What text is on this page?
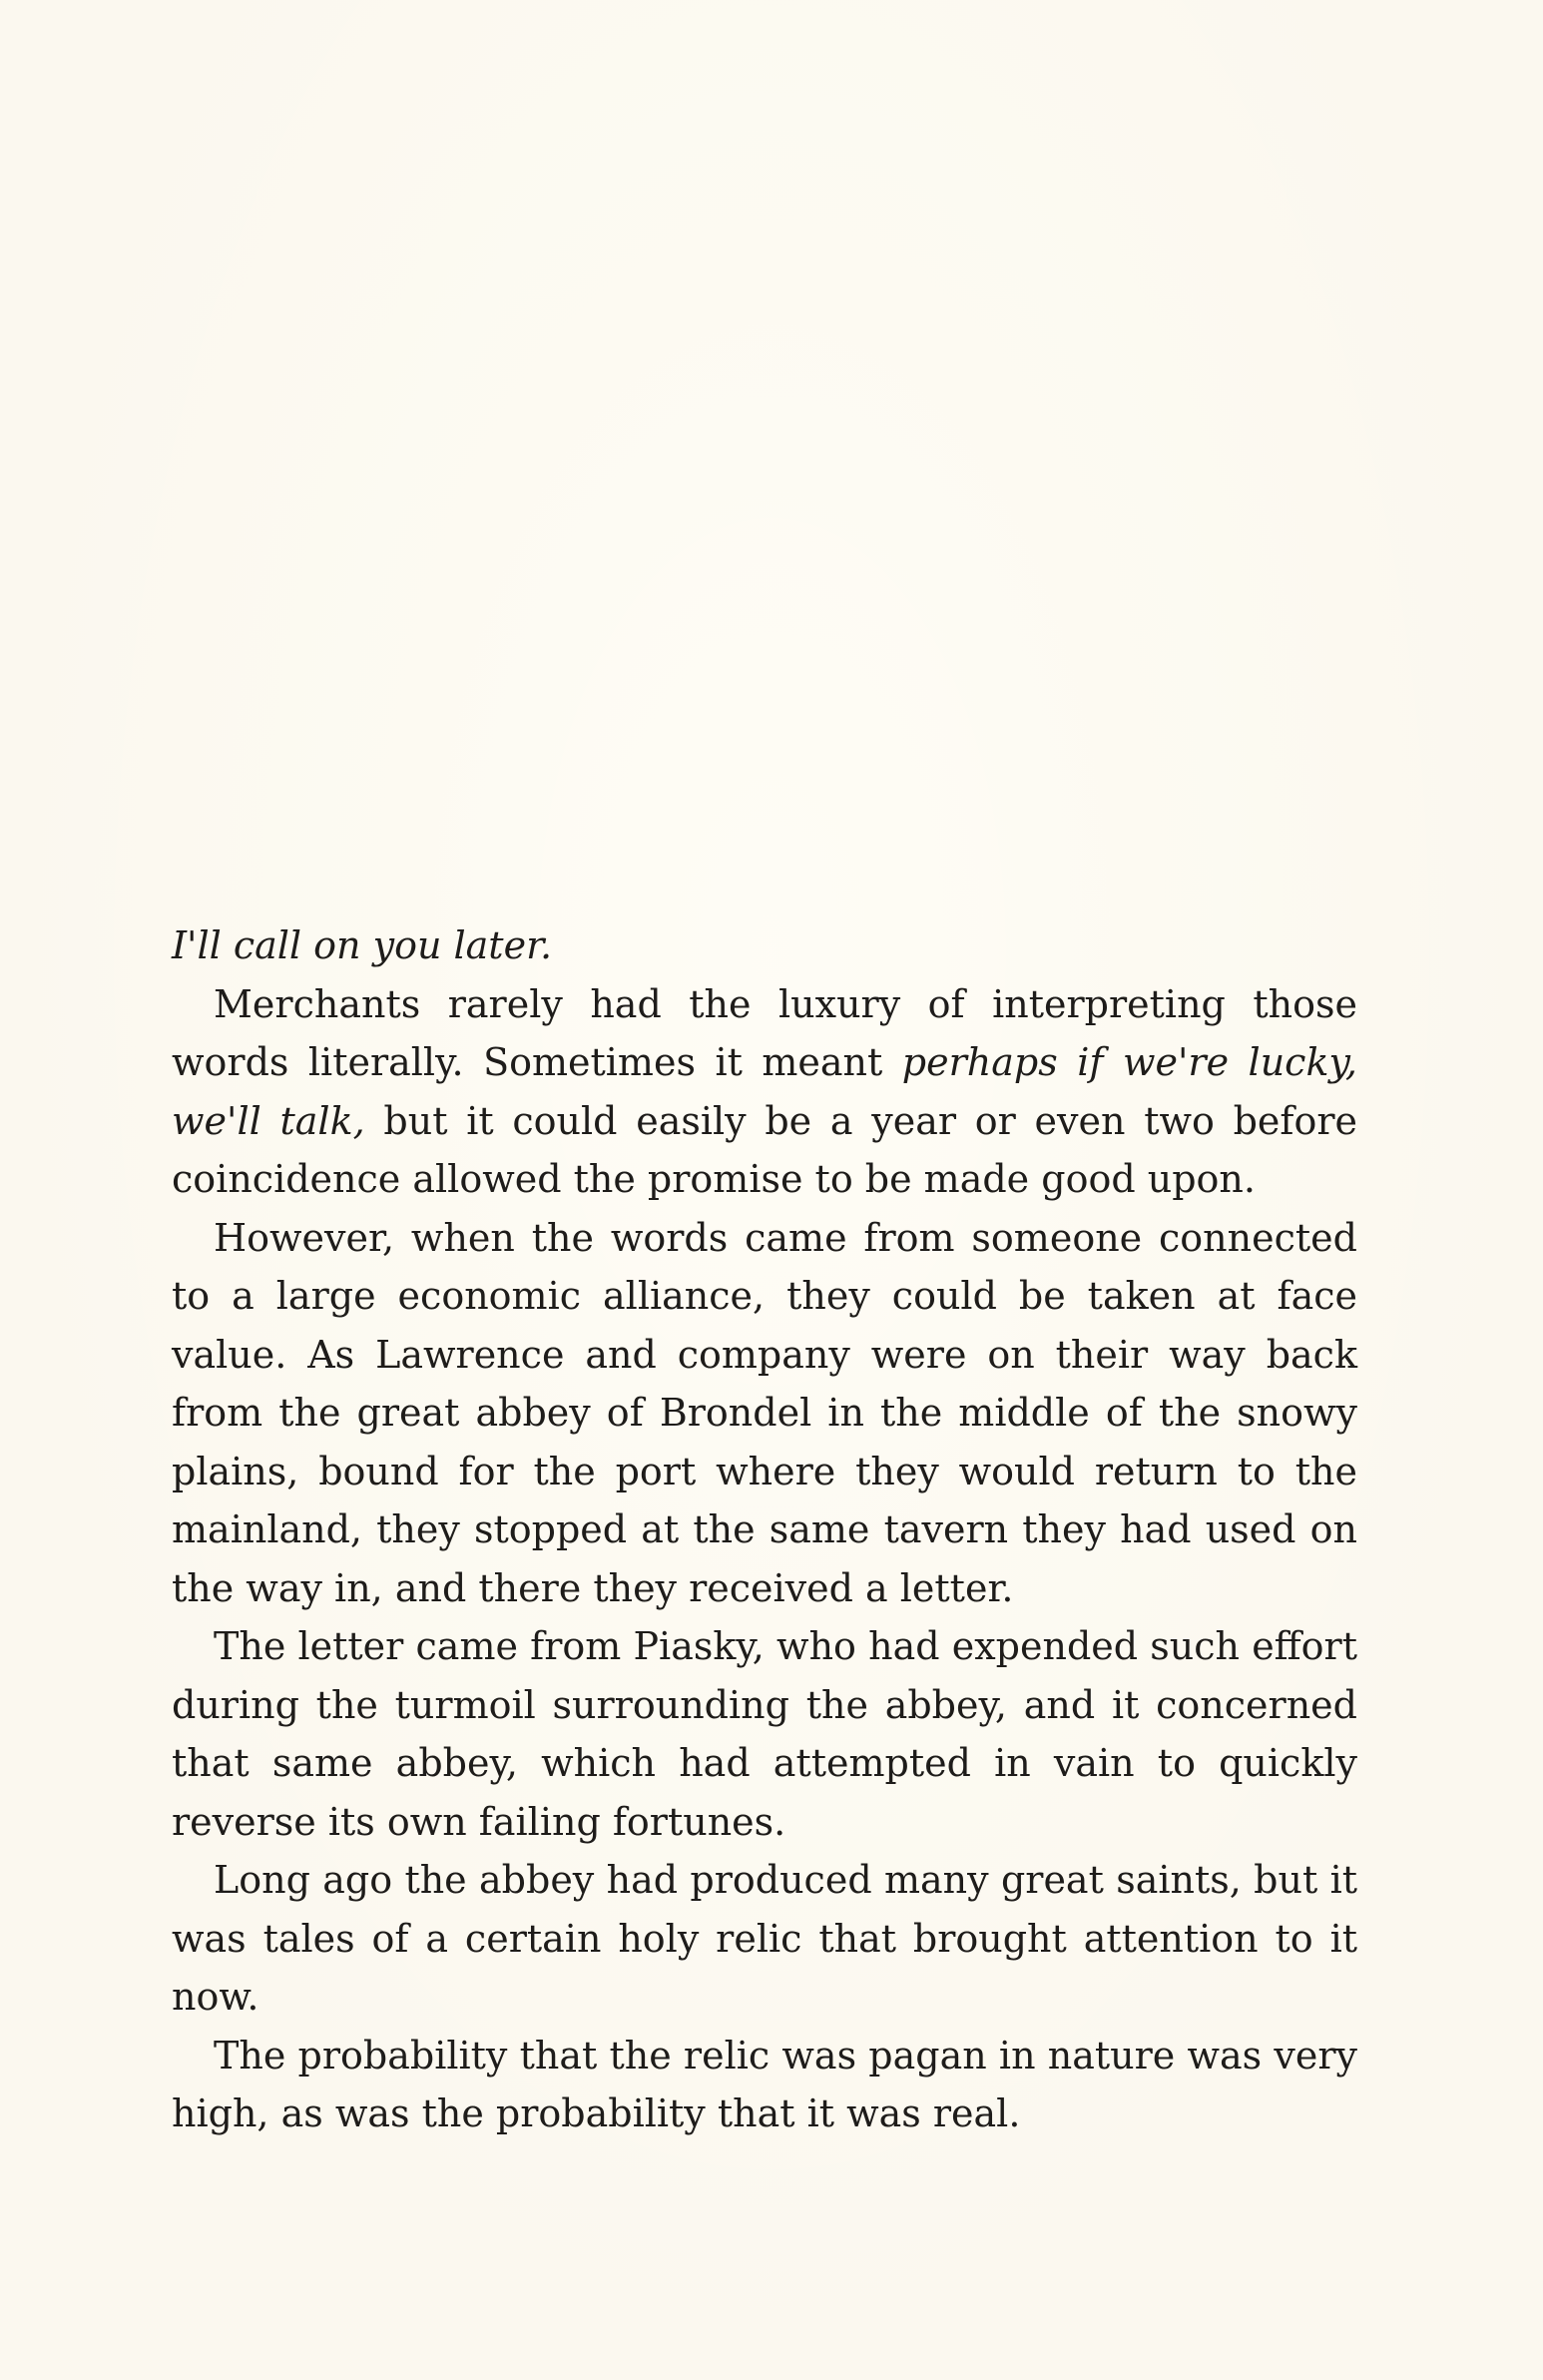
I'll call on you later.

Merchants rarely had the luxury of interpreting those words literally. Sometimes it meant perhaps if we're lucky, we'll talk, but it could easily be a year or even two before coincidence allowed the promise to be made good upon.

However, when the words came from someone connected to a large economic alliance, they could be taken at face value. As Lawrence and company were on their way back from the great abbey of Brondel in the middle of the snowy plains, bound for the port where they would return to the mainland, they stopped at the same tavern they had used on the way in, and there they received a letter.

The letter came from Piasky, who had expended such effort during the turmoil surrounding the abbey, and it concerned that same abbey, which had attempted in vain to quickly reverse its own failing fortunes.

Long ago the abbey had produced many great saints, but it was tales of a certain holy relic that brought attention to it now.

The probability that the relic was pagan in nature was very high, as was the probability that it was real.
